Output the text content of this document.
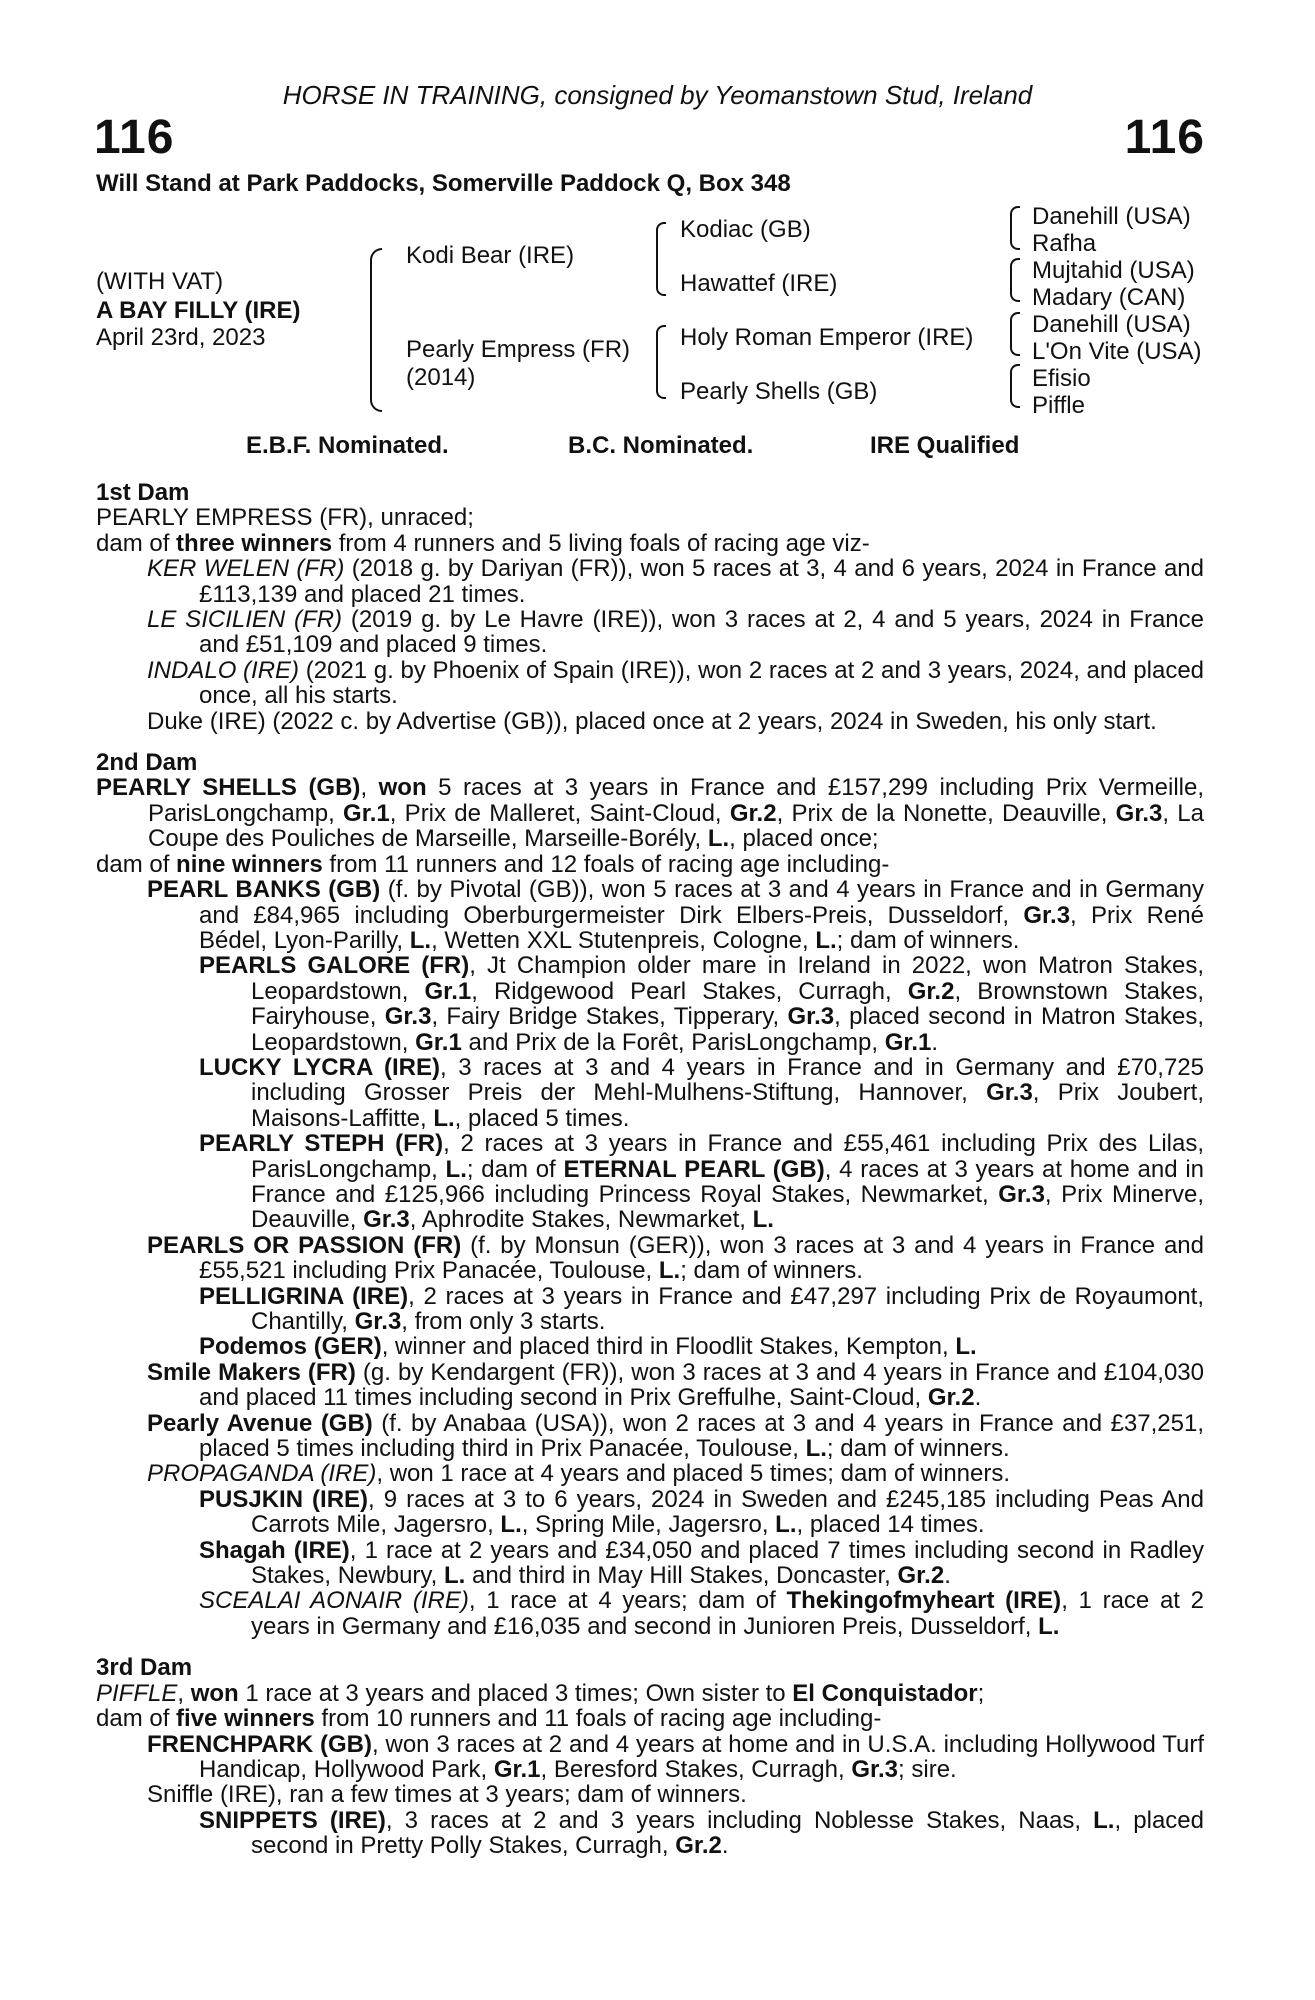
HORSE IN TRAINING, consigned by Yeomanstown Stud, Ireland
116	116
Will Stand at Park Paddocks, Somerville Paddock Q, Box 348
(WITH VAT)
A BAY FILLY (IRE)
April 23rd, 2023
Kodi Bear (IRE)
Pearly Empress (FR)
(2014)
Kodiac (GB)
Hawattef (IRE)
Holy Roman Emperor (IRE)
Pearly Shells (GB)
Danehill (USA)
Rafha
Mujtahid (USA)
Madary (CAN)
Danehill (USA)
L'On Vite (USA)
Efisio
Piffle
E.B.F. Nominated.	B.C. Nominated.	IRE Qualified
1st Dam

PEARLY EMPRESS (FR), unraced;

dam of three winners from 4 runners and 5 living foals of racing age viz-

KER WELEN (FR) (2018 g. by Dariyan (FR)), won 5 races at 3, 4 and 6 years, 2024 in France and £113,139 and placed 21 times.

LE SICILIEN (FR) (2019 g. by Le Havre (IRE)), won 3 races at 2, 4 and 5 years, 2024 in France and £51,109 and placed 9 times.

INDALO (IRE) (2021 g. by Phoenix of Spain (IRE)), won 2 races at 2 and 3 years, 2024, and placed once, all his starts.

Duke (IRE) (2022 c. by Advertise (GB)), placed once at 2 years, 2024 in Sweden, his only start.

2nd Dam

PEARLY SHELLS (GB), won 5 races at 3 years in France and £157,299 including Prix Vermeille, ParisLongchamp, Gr.1, Prix de Malleret, Saint-Cloud, Gr.2, Prix de la Nonette, Deauville, Gr.3, La Coupe des Pouliches de Marseille, Marseille-Borély, L., placed once;

dam of nine winners from 11 runners and 12 foals of racing age including-

PEARL BANKS (GB) (f. by Pivotal (GB)), won 5 races at 3 and 4 years in France and in Germany and £84,965 including Oberburgermeister Dirk Elbers-Preis, Dusseldorf, Gr.3, Prix René Bédel, Lyon-Parilly, L., Wetten XXL Stutenpreis, Cologne, L.; dam of winners.

PEARLS GALORE (FR), Jt Champion older mare in Ireland in 2022, won Matron Stakes, Leopardstown, Gr.1, Ridgewood Pearl Stakes, Curragh, Gr.2, Brownstown Stakes, Fairyhouse, Gr.3, Fairy Bridge Stakes, Tipperary, Gr.3, placed second in Matron Stakes, Leopardstown, Gr.1 and Prix de la Forêt, ParisLongchamp, Gr.1.

LUCKY LYCRA (IRE), 3 races at 3 and 4 years in France and in Germany and £70,725 including Grosser Preis der Mehl-Mulhens-Stiftung, Hannover, Gr.3, Prix Joubert, Maisons-Laffitte, L., placed 5 times.

PEARLY STEPH (FR), 2 races at 3 years in France and £55,461 including Prix des Lilas, ParisLongchamp, L.; dam of ETERNAL PEARL (GB), 4 races at 3 years at home and in France and £125,966 including Princess Royal Stakes, Newmarket, Gr.3, Prix Minerve, Deauville, Gr.3, Aphrodite Stakes, Newmarket, L.

PEARLS OR PASSION (FR) (f. by Monsun (GER)), won 3 races at 3 and 4 years in France and £55,521 including Prix Panacée, Toulouse, L.; dam of winners.

PELLIGRINA (IRE), 2 races at 3 years in France and £47,297 including Prix de Royaumont, Chantilly, Gr.3, from only 3 starts.

Podemos (GER), winner and placed third in Floodlit Stakes, Kempton, L.

Smile Makers (FR) (g. by Kendargent (FR)), won 3 races at 3 and 4 years in France and £104,030 and placed 11 times including second in Prix Greffulhe, Saint-Cloud, Gr.2.

Pearly Avenue (GB) (f. by Anabaa (USA)), won 2 races at 3 and 4 years in France and £37,251, placed 5 times including third in Prix Panacée, Toulouse, L.; dam of winners.

PROPAGANDA (IRE), won 1 race at 4 years and placed 5 times; dam of winners.

PUSJKIN (IRE), 9 races at 3 to 6 years, 2024 in Sweden and £245,185 including Peas And Carrots Mile, Jagersro, L., Spring Mile, Jagersro, L., placed 14 times.

Shagah (IRE), 1 race at 2 years and £34,050 and placed 7 times including second in Radley Stakes, Newbury, L. and third in May Hill Stakes, Doncaster, Gr.2.

SCEALAI AONAIR (IRE), 1 race at 4 years; dam of Thekingofmyheart (IRE), 1 race at 2 years in Germany and £16,035 and second in Junioren Preis, Dusseldorf, L.

3rd Dam

PIFFLE, won 1 race at 3 years and placed 3 times; Own sister to El Conquistador;

dam of five winners from 10 runners and 11 foals of racing age including-

FRENCHPARK (GB), won 3 races at 2 and 4 years at home and in U.S.A. including Hollywood Turf Handicap, Hollywood Park, Gr.1, Beresford Stakes, Curragh, Gr.3; sire.

Sniffle (IRE), ran a few times at 3 years; dam of winners.

SNIPPETS (IRE), 3 races at 2 and 3 years including Noblesse Stakes, Naas, L., placed second in Pretty Polly Stakes, Curragh, Gr.2.
